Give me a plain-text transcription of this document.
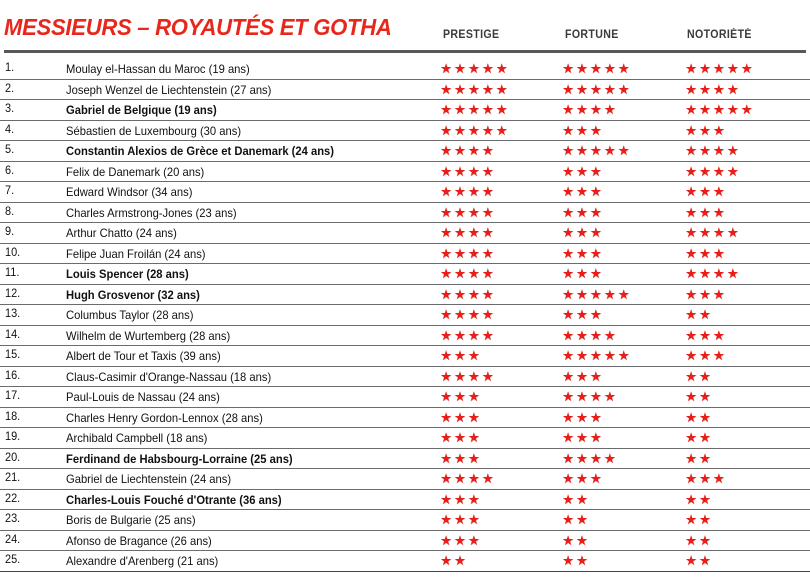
MESSIEURS – ROYAUTÉS ET GOTHA	PRESTIGE	FORTUNE	NOTORIÉTÉ
1.	Moulay el-Hassan du Maroc (19 ans)	★★★★★	★★★★★	★★★★★
2.	Joseph Wenzel de Liechtenstein (27 ans)	★★★★★	★★★★★	★★★★
3.	Gabriel de Belgique (19 ans)	★★★★★	★★★★	★★★★★
4.	Sébastien de Luxembourg (30 ans)	★★★★★	★★★	★★★
5.	Constantin Alexios de Grèce et Danemark (24 ans)	★★★★	★★★★★	★★★★
6.	Felix de Danemark (20 ans)	★★★★	★★★	★★★★
7.	Edward Windsor (34 ans)	★★★★	★★★	★★★
8.	Charles Armstrong-Jones (23 ans)	★★★★	★★★	★★★
9.	Arthur Chatto (24 ans)	★★★★	★★★	★★★★
10.	Felipe Juan Froilán (24 ans)	★★★★	★★★	★★★
11.	Louis Spencer (28 ans)	★★★★	★★★	★★★★
12.	Hugh Grosvenor (32 ans)	★★★★	★★★★★	★★★
13.	Columbus Taylor (28 ans)	★★★★	★★★	★★
14.	Wilhelm de Wurtemberg (28 ans)	★★★★	★★★★	★★★
15.	Albert de Tour et Taxis (39 ans)	★★★	★★★★★	★★★
16.	Claus-Casimir d'Orange-Nassau (18 ans)	★★★★	★★★	★★
17.	Paul-Louis de Nassau (24 ans)	★★★	★★★★	★★
18.	Charles Henry Gordon-Lennox (28 ans)	★★★	★★★	★★
19.	Archibald Campbell (18 ans)	★★★	★★★	★★
20.	Ferdinand de Habsbourg-Lorraine (25 ans)	★★★	★★★★	★★
21.	Gabriel de Liechtenstein (24 ans)	★★★★	★★★	★★★
22.	Charles-Louis Fouché d'Otrante (36 ans)	★★★	★★	★★
23.	Boris de Bulgarie (25 ans)	★★★	★★	★★
24.	Afonso de Bragance (26 ans)	★★★	★★	★★
25.	Alexandre d'Arenberg (21 ans)	★★	★★	★★
